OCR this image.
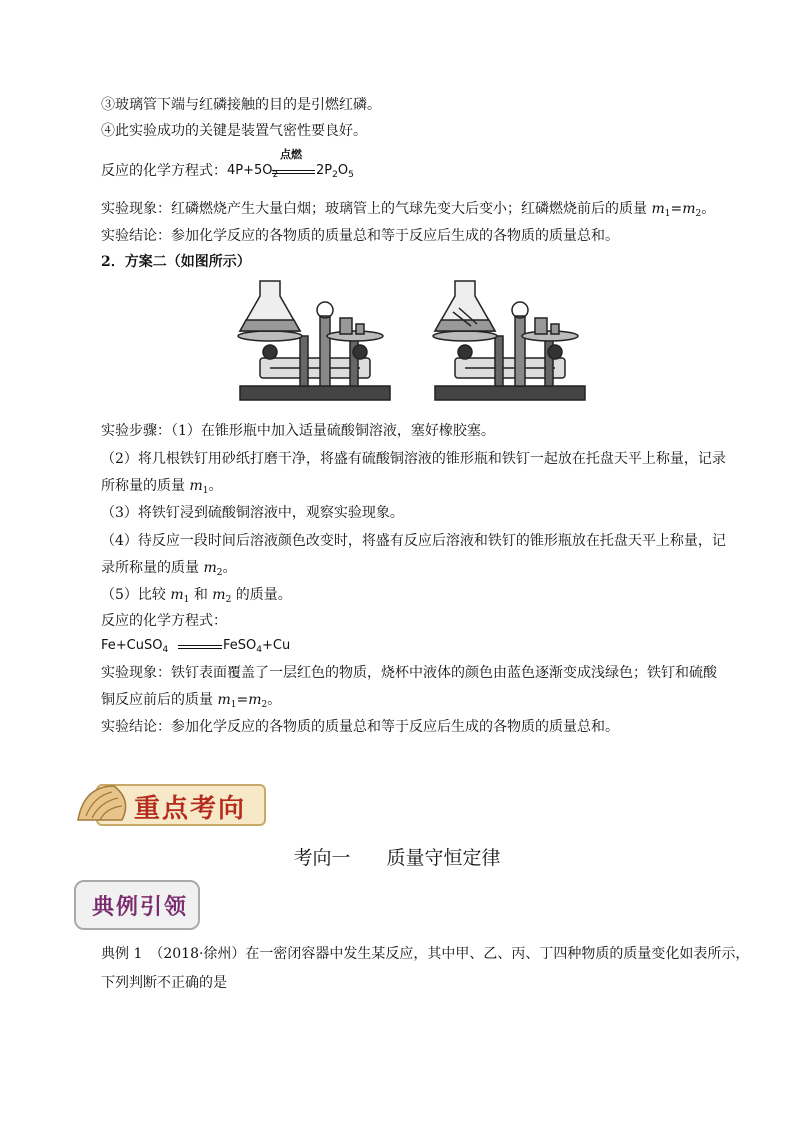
③玻璃管下端与红磷接触的目的是引燃红磷。
④此实验成功的关键是装置气密性要良好。
反应的化学方程式： $4P+5O_2$
点燃
$2P_2O_5$
实验现象：红磷燃烧产生大量白烟；玻璃管上的气球先变大后变小；红磷燃烧前后的质量 $m_1=m_2$。
实验结论：参加化学反应的各物质的质量总和等于反应后生成的各物质的质量总和。
2．方案二（如图所示）
实验步骤：（1）在锥形瓶中加入适量硫酸铜溶液，塞好橡胶塞。
（2）将几根铁钉用砂纸打磨干净，将盛有硫酸铜溶液的锥形瓶和铁钉一起放在托盘天平上称量，记录
所称量的质量 $m_1$。
（3）将铁钉浸到硫酸铜溶液中，观察实验现象。
（4）待反应一段时间后溶液颜色改变时，将盛有反应后溶液和铁钉的锥形瓶放在托盘天平上称量，记
录所称量的质量 $m_2$。
（5）比较 $m_1$ 和 $m_2$ 的质量。
反应的化学方程式：
Fe+CuSO$_4$	FeSO$_4$+Cu
实验现象：铁钉表面覆盖了一层红色的物质，烧杯中液体的颜色由蓝色逐渐变成浅绿色；铁钉和硫酸
铜反应前后的质量 $m_1=m_2$。
实验结论：参加化学反应的各物质的质量总和等于反应后生成的各物质的质量总和。
重点考向
考向一 质量守恒定律
典例引领
典例 1　（2018·徐州）在一密闭容器中发生某反应，其中甲、乙、丙、丁四种物质的质量变化如表所示，
下列判断不正确的是
